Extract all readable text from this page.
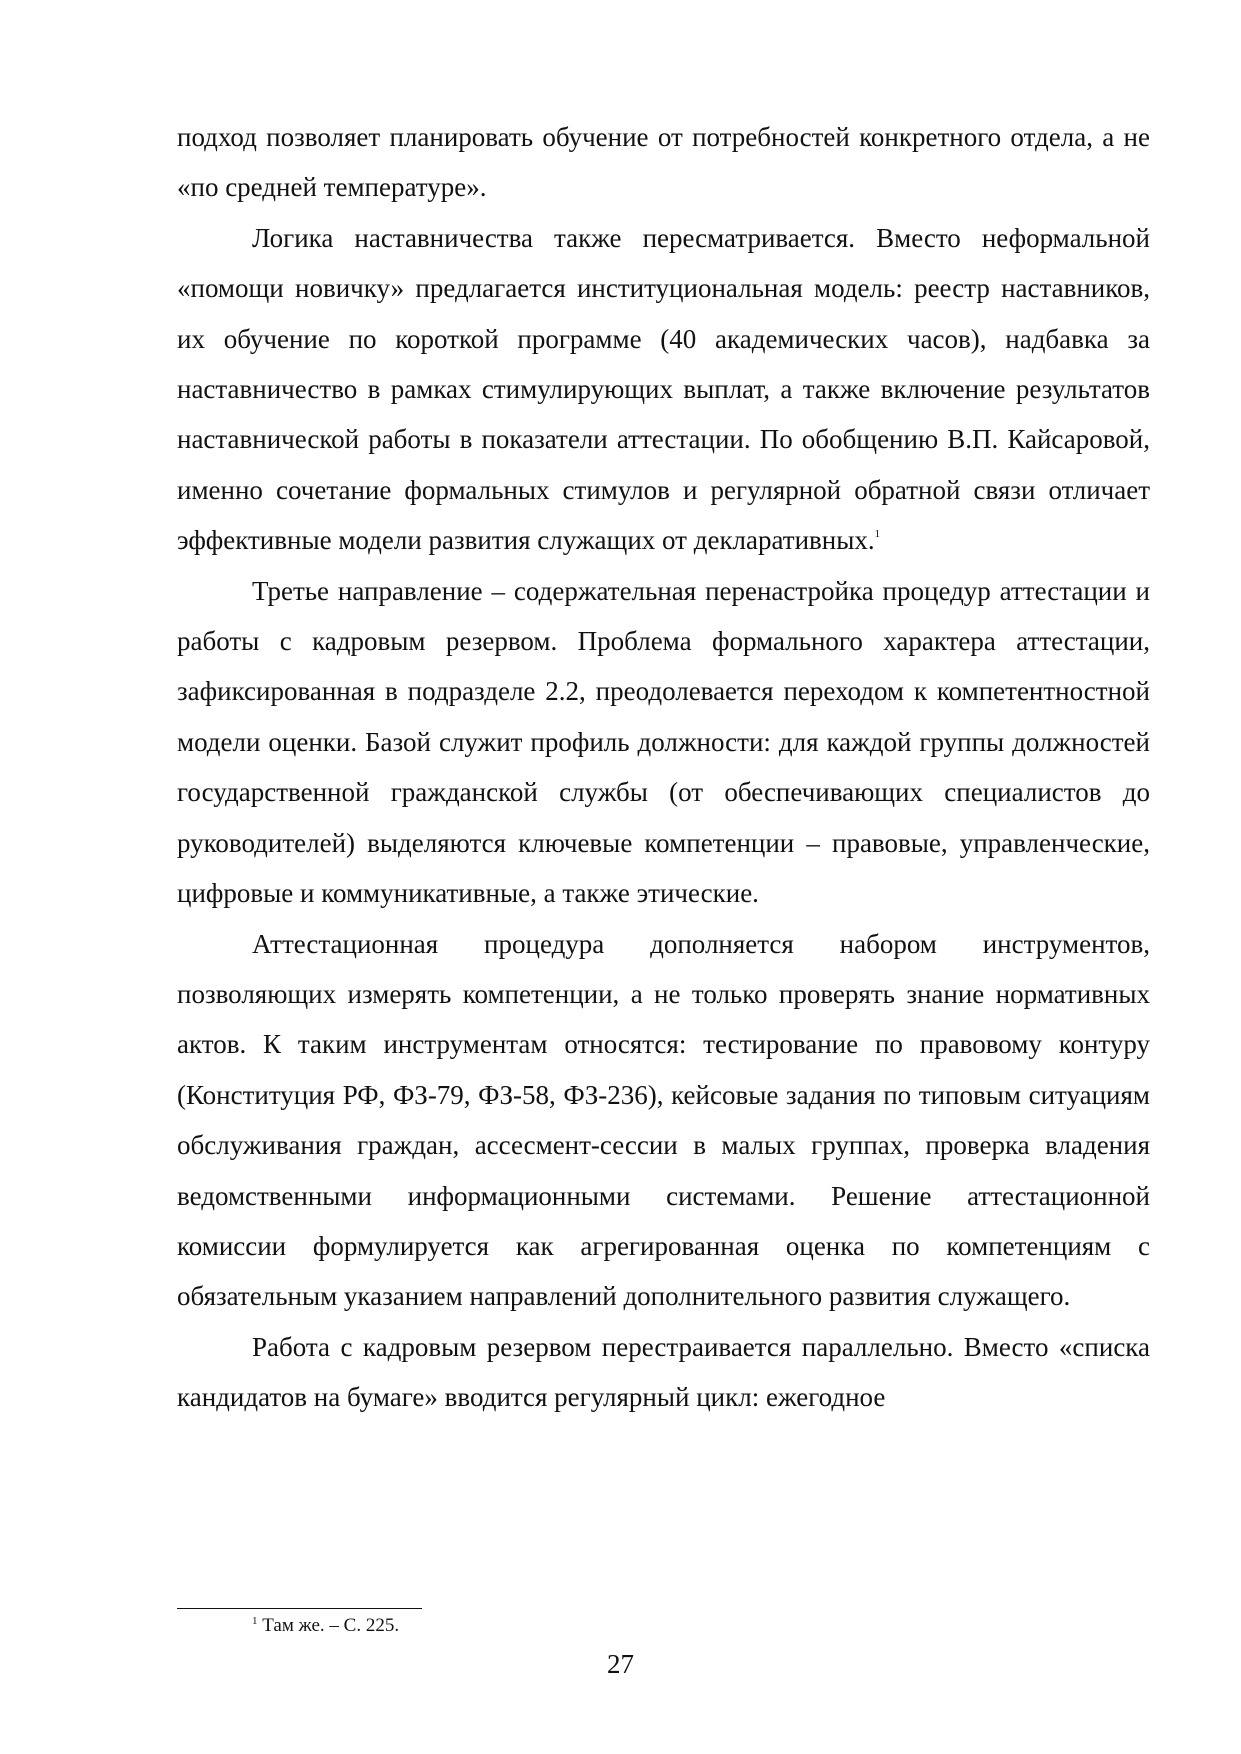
подход позволяет планировать обучение от потребностей конкретного отдела, а не «по средней температуре».

Логика наставничества также пересматривается. Вместо неформальной «помощи новичку» предлагается институциональная модель: реестр наставников, их обучение по короткой программе (40 академических часов), надбавка за наставничество в рамках стимулирующих выплат, а также включение результатов наставнической работы в показатели аттестации. По обобщению В.П. Кайсаровой, именно сочетание формальных стимулов и регулярной обратной связи отличает эффективные модели развития служащих от декларативных.$^1$

Третье направление – содержательная перенастройка процедур аттестации и работы с кадровым резервом. Проблема формального характера аттестации, зафиксированная в подразделе 2.2, преодолевается переходом к компетентностной модели оценки. Базой служит профиль должности: для каждой группы должностей государственной гражданской службы (от обеспечивающих специалистов до руководителей) выделяются ключевые компетенции – правовые, управленческие, цифровые и коммуникативные, а также этические.

Аттестационная процедура дополняется набором инструментов, позволяющих измерять компетенции, а не только проверять знание нормативных актов. К таким инструментам относятся: тестирование по правовому контуру (Конституция РФ, ФЗ-79, ФЗ-58, ФЗ-236), кейсовые задания по типовым ситуациям обслуживания граждан, ассесмент-сессии в малых группах, проверка владения ведомственными информационными системами. Решение аттестационной комиссии формулируется как агрегированная оценка по компетенциям с обязательным указанием направлений дополнительного развития служащего.

Работа с кадровым резервом перестраивается параллельно. Вместо «списка кандидатов на бумаге» вводится регулярный цикл: ежегодное

$^1$ Там же. – С. 225.
27
